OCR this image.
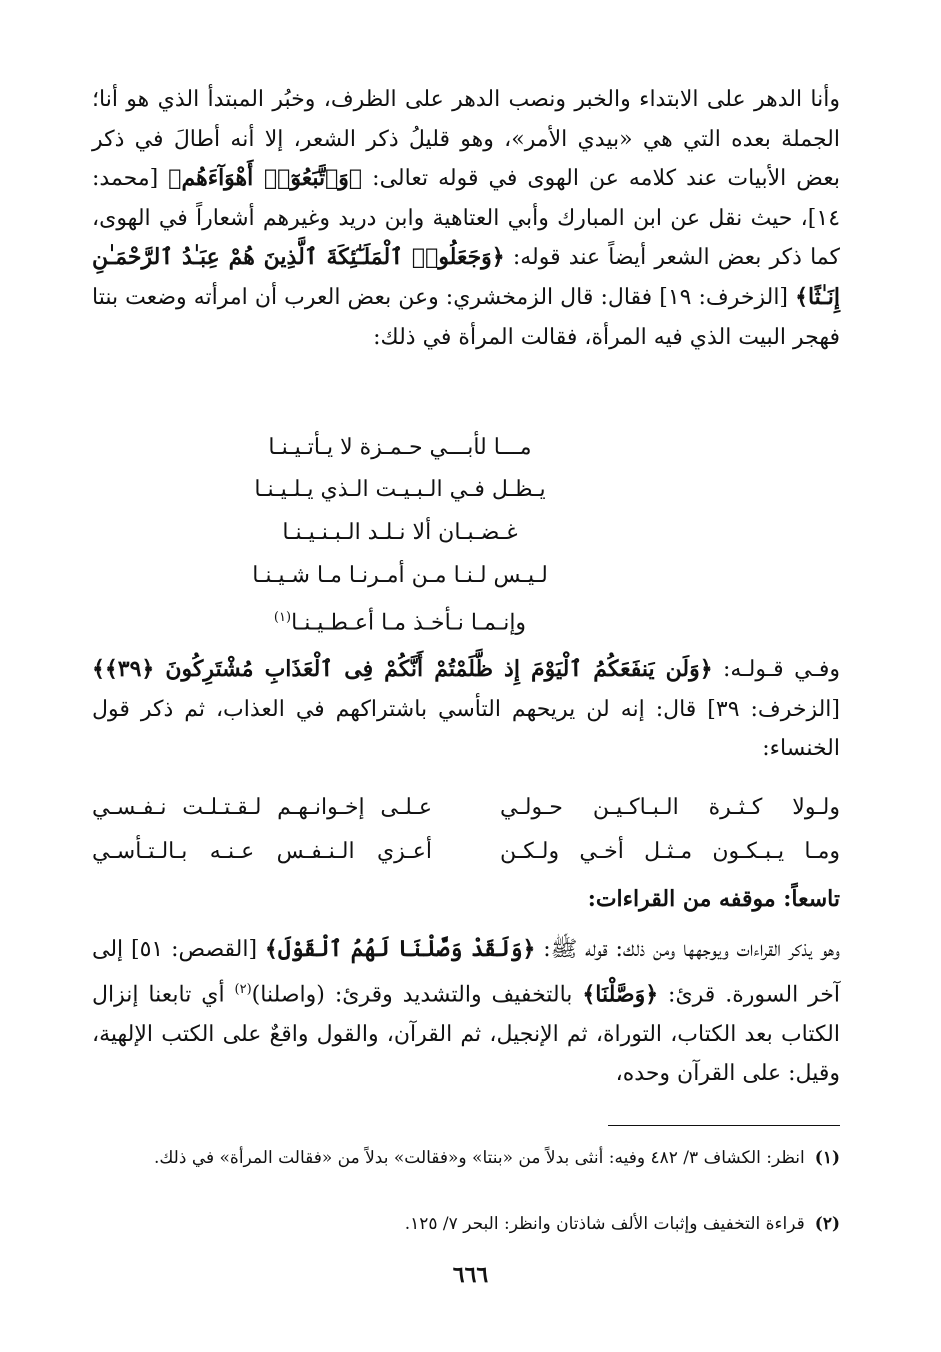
وأنا الدهر على الابتداء والخبر ونصب الدهر على الظرف، وخبُر المبتدأ الذي هو أنا؛ الجملة بعده التي هي «بيدي الأمر»، وهو قليلُ ذكر الشعر، إلا أنه أطالَ في ذكر بعض الأبيات عند كلامه عن الهوى في قوله تعالى: ﴿وَٱتَّبَعُوٓا۟ أَهْوَآءَهُم﴾ [محمد: ١٤]، حيث نقل عن ابن المبارك وأبي العتاهية وابن دريد وغيرهم أشعاراً في الهوى، كما ذكر بعض الشعر أيضاً عند قوله: ﴿وَجَعَلُوا۟ ٱلْمَلَـٰٓئِكَةَ ٱلَّذِينَ هُمْ عِبَـٰدُ ٱلرَّحْمَـٰنِ إِنَـٰثًا﴾ [الزخرف: ١٩] فقال: قال الزمخشري: وعن بعض العرب أن امرأته وضعت بنتا فهجر البيت الذي فيه المرأة، فقالت المرأة في ذلك:

مـــا لأبـــي حـمـزة لا يـأتـيـنـا
يـظـل فـي الـبـيـت الـذي يـلـيـنـا
غـضـبـان ألا نـلـد الـبـنـيـنـا
لـيـس لـنـا مـن أمـرنـا مـا شـيـنـا
وإنـمـا نـأخـذ مـا أعـطـيـنـا$^{(١)}$

وفـي قـولـه: ﴿وَلَن يَنفَعَكُمُ ٱلْيَوْمَ إِذ ظَّلَمْتُمْ أَنَّكُمْ فِى ٱلْعَذَابِ مُشْتَرِكُونَ ﴿٣٩﴾﴾ [الزخرف: ٣٩] قال: إنه لن يريحهم التأسي باشتراكهم في العذاب، ثم ذكر قول الخنساء:

ولـولا كـثـرة الـبـاكـيـن حـولـي
عـلـى إخـوانـهـم لـقـتـلـت نـفـسـي
ومـا يـبـكـون مـثـل أخـي ولـكـن
أعـزي الـنـفـس عـنـه بـالـتـأسـي
تاسعاً: موقفه من القراءات:

وهو يذكر القراءات ويوجهها ومن ذلك: قوله ﷺ: ﴿وَلَقَدْ وَصَّلْنَا لَهُمُ ٱلْقَوْلَ﴾ [القصص: ٥١] إلى آخر السورة. قرئ: ﴿وَصَّلْنَا﴾ بالتخفيف والتشديد وقرئ: (واصلنا)$^{(٢)}$ أي تابعنا إنزال الكتاب بعد الكتاب، التوراة، ثم الإنجيل، ثم القرآن، والقول واقعٌ على الكتب الإلهية، وقيل: على القرآن وحده،

(١)انظر: الكشاف ٣/ ٤٨٢ وفيه: أنثى بدلاً من «بنتا» و«فقالت» بدلاً من «فقالت المرأة» في ذلك.

(٢)قراءة التخفيف وإثبات الألف شاذتان وانظر: البحر ٧/ ١٢٥.

٦٦٦
